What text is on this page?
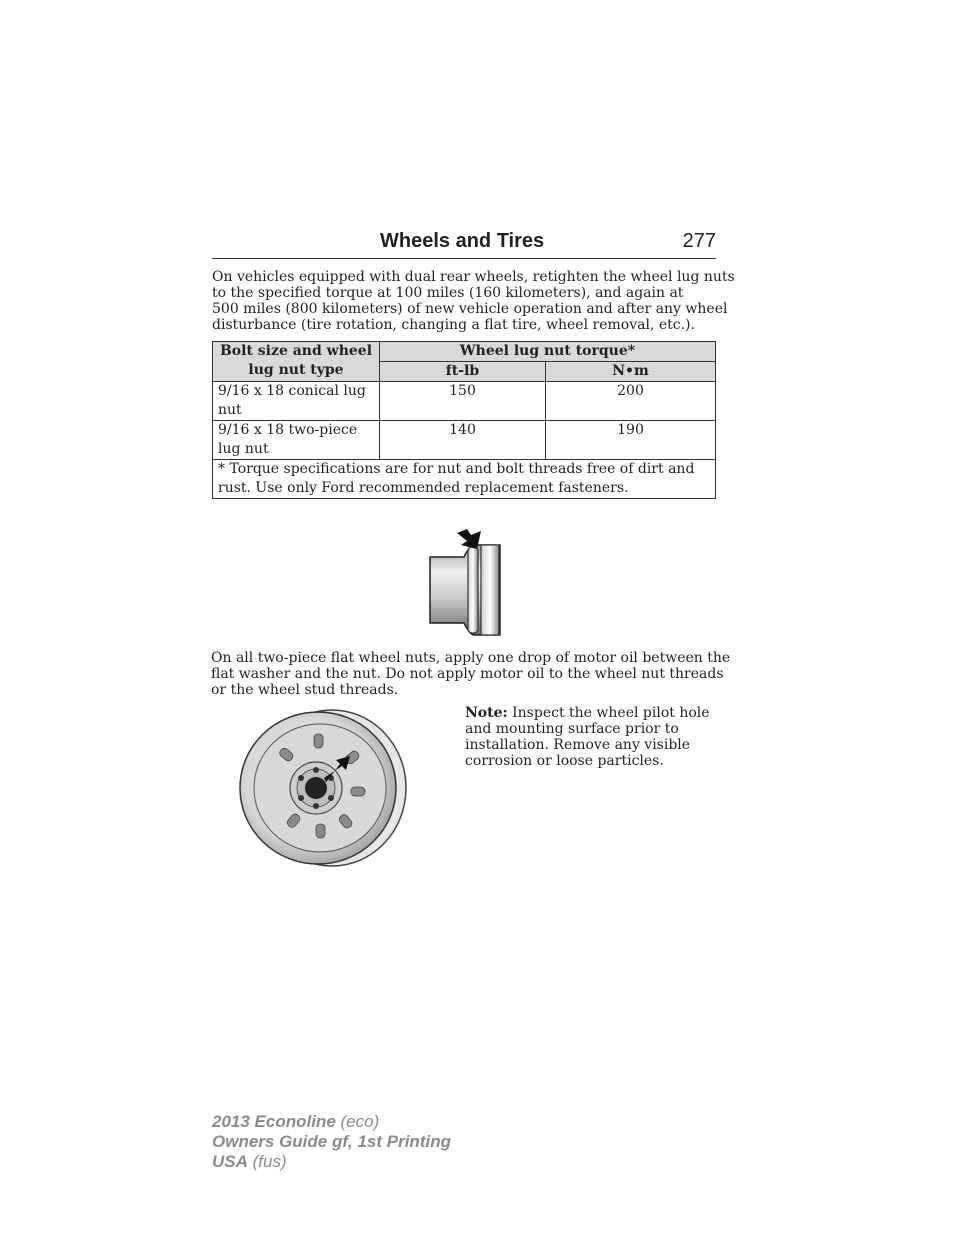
Wheels and Tires	277
On vehicles equipped with dual rear wheels, retighten the wheel lug nuts
to the specified torque at 100 miles (160 kilometers), and again at
500 miles (800 kilometers) of new vehicle operation and after any wheel
disturbance (tire rotation, changing a flat tire, wheel removal, etc.).
Bolt size and wheel lug nut type	Wheel lug nut torque*	
	ft-lb	N•m
9/16 x 18 conical lug nut	150	200
9/16 x 18 two-piece lug nut	140	190
* Torque specifications are for nut and bolt threads free of dirt and rust. Use only Ford recommended replacement fasteners.		
On all two-piece flat wheel nuts, apply one drop of motor oil between the
flat washer and the nut. Do not apply motor oil to the wheel nut threads
or the wheel stud threads.
Note: Inspect the wheel pilot hole
and mounting surface prior to
installation. Remove any visible
corrosion or loose particles.
2013 Econoline (eco)
Owners Guide gf, 1st Printing
USA (fus)
